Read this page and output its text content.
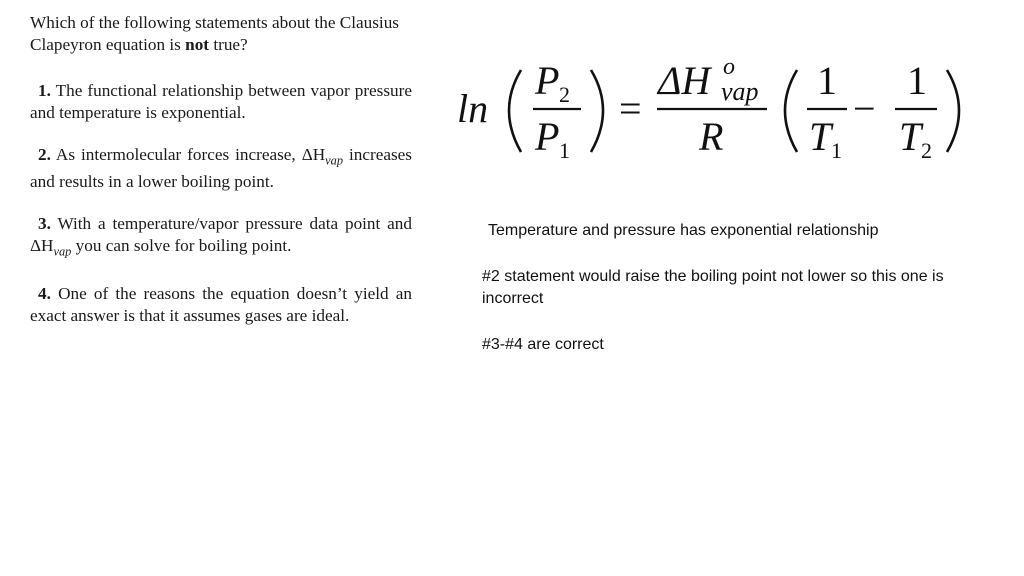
Which of the following statements about the Clausius Clapeyron equation is not true?

1. The functional relationship between vapor pressure and temperature is exponential.

2. As intermolecular forces increase, $\Delta H_{vap}$ increases and results in a lower boiling point.

3. With a temperature/vapor pressure data point and $\Delta H_{vap}$ you can solve for boiling point.

4. One of the reasons the equation doesn’t yield an exact answer is that it assumes gases are ideal.

ln
P 2
P 1
=
ΔH o
vap
R
1
T 1
−
1
T 2

Temperature and pressure has exponential relationship

#2 statement would raise the boiling point not lower so this one is incorrect

#3-#4 are correct
